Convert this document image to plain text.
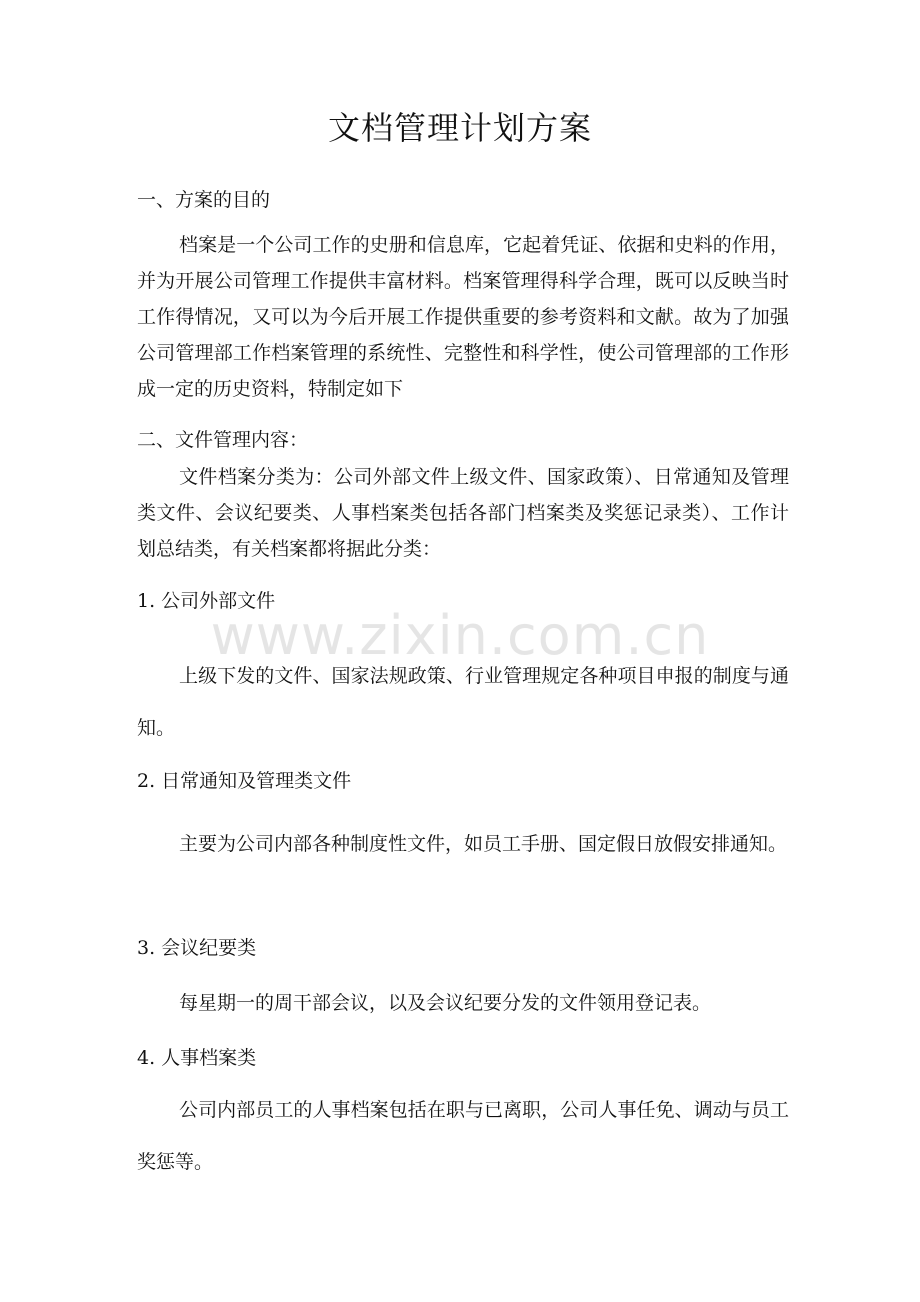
文档管理计划方案
一、方案的目的
档案是一个公司工作的史册和信息库，它起着凭证、依据和史料的作用，并为开展公司管理工作提供丰富材料。档案管理得科学合理，既可以反映当时工作得情况，又可以为今后开展工作提供重要的参考资料和文献。故为了加强公司管理部工作档案管理的系统性、完整性和科学性，使公司管理部的工作形成一定的历史资料，特制定如下
二、文件管理内容：
文件档案分类为：公司外部文件上级文件、国家政策）、日常通知及管理类文件、会议纪要类、人事档案类包括各部门档案类及奖惩记录类）、工作计划总结类，有关档案都将据此分类：
1. 公司外部文件
上级下发的文件、国家法规政策、行业管理规定各种项目申报的制度与通知。
2. 日常通知及管理类文件
主要为公司内部各种制度性文件，如员工手册、国定假日放假安排通知。
3. 会议纪要类
每星期一的周干部会议，以及会议纪要分发的文件领用登记表。
4. 人事档案类
公司内部员工的人事档案包括在职与已离职，公司人事任免、调动与员工奖惩等。
www.zixin.com.cn
